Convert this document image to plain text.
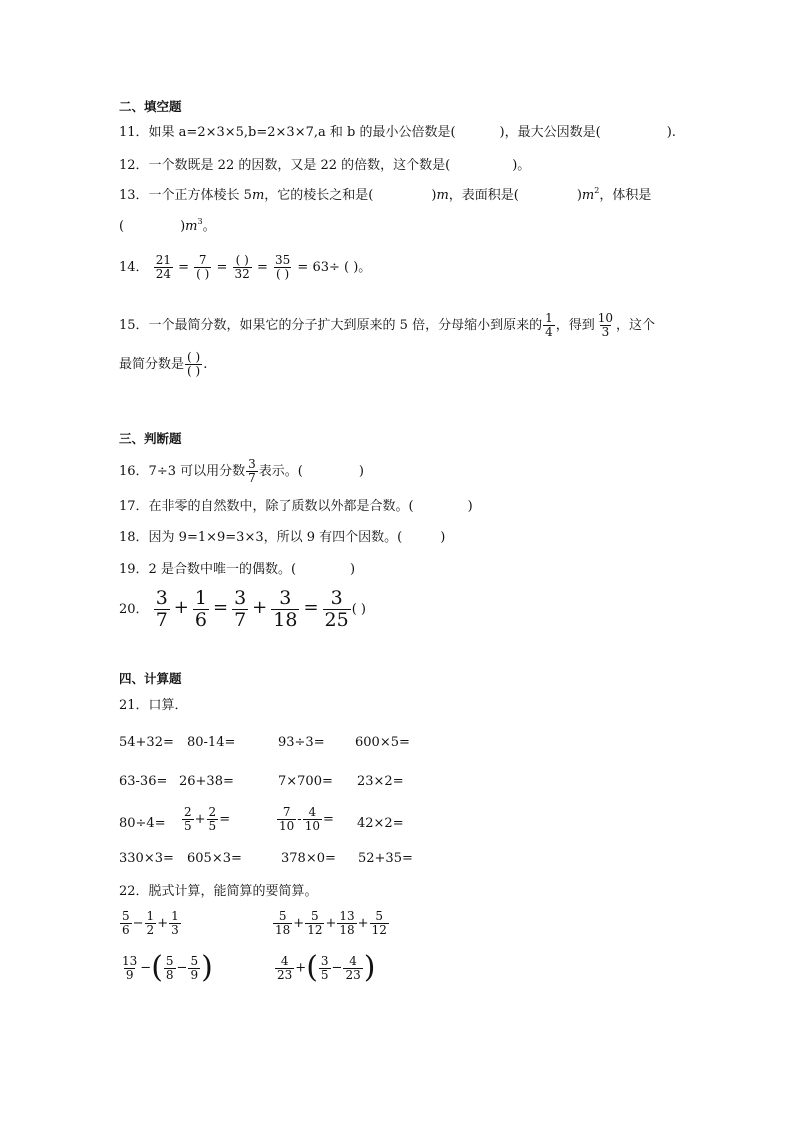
二、填空题
11．如果 a=2×3×5,b=2×3×7,a 和 b 的最小公倍数是(	)，最大公因数是(	).
12．一个数既是 22 的因数，又是 22 的倍数，这个数是(	)。
13．一个正方体棱长 5m，它的棱长之和是(	)m，表面积是(	)$m^2$，体积是
(	)$m^3$。
14． $\frac{21}{24} = \frac{7}{( )} = \frac{( )}{32} = \frac{35}{( )} = 63\div$ ( )。
15．一个最简分数，如果它的分子扩大到原来的 5 倍，分母缩小到原来的 $\frac{1}{4}$ ，得到 $\frac{10}{3}$ ，这个
最简分数是 $\frac{( )}{( )}$ .
三、判断题
16．7÷3 可以用分数 $\frac{3}{7}$ 表示。(	)
17．在非零的自然数中，除了质数以外都是合数。(	)
18．因为 9=1×9=3×3，所以 9 有四个因数。(	)
19．2 是合数中唯一的偶数。(	)
20． $\frac{3}{7} + \frac{1}{6} = \frac{3}{7} + \frac{3}{18} = \frac{3}{25}$ ( )
四、计算题
21．口算．
54+32= 80-14=	93÷3= 600×5=
63-36= 26+38=	7×700= 23×2=
$80\div 4= \frac{2}{5} + \frac{2}{5}$ =	$\frac{7}{10} - \frac{4}{10} = 42\times 2=$
330×3= 605×3=	378×0= 52+35=
22．脱式计算，能简算的要简算。
$\frac{5}{6} - \frac{1}{2} + \frac{1}{3}$	$\frac{5}{18} + \frac{5}{12} + \frac{13}{18} + \frac{5}{12}$
$\frac{13}{9}$ −( $\frac{5}{8} - \frac{5}{9}$ )	$\frac{4}{23}$ +( $\frac{3}{5} - \frac{4}{23}$ )
